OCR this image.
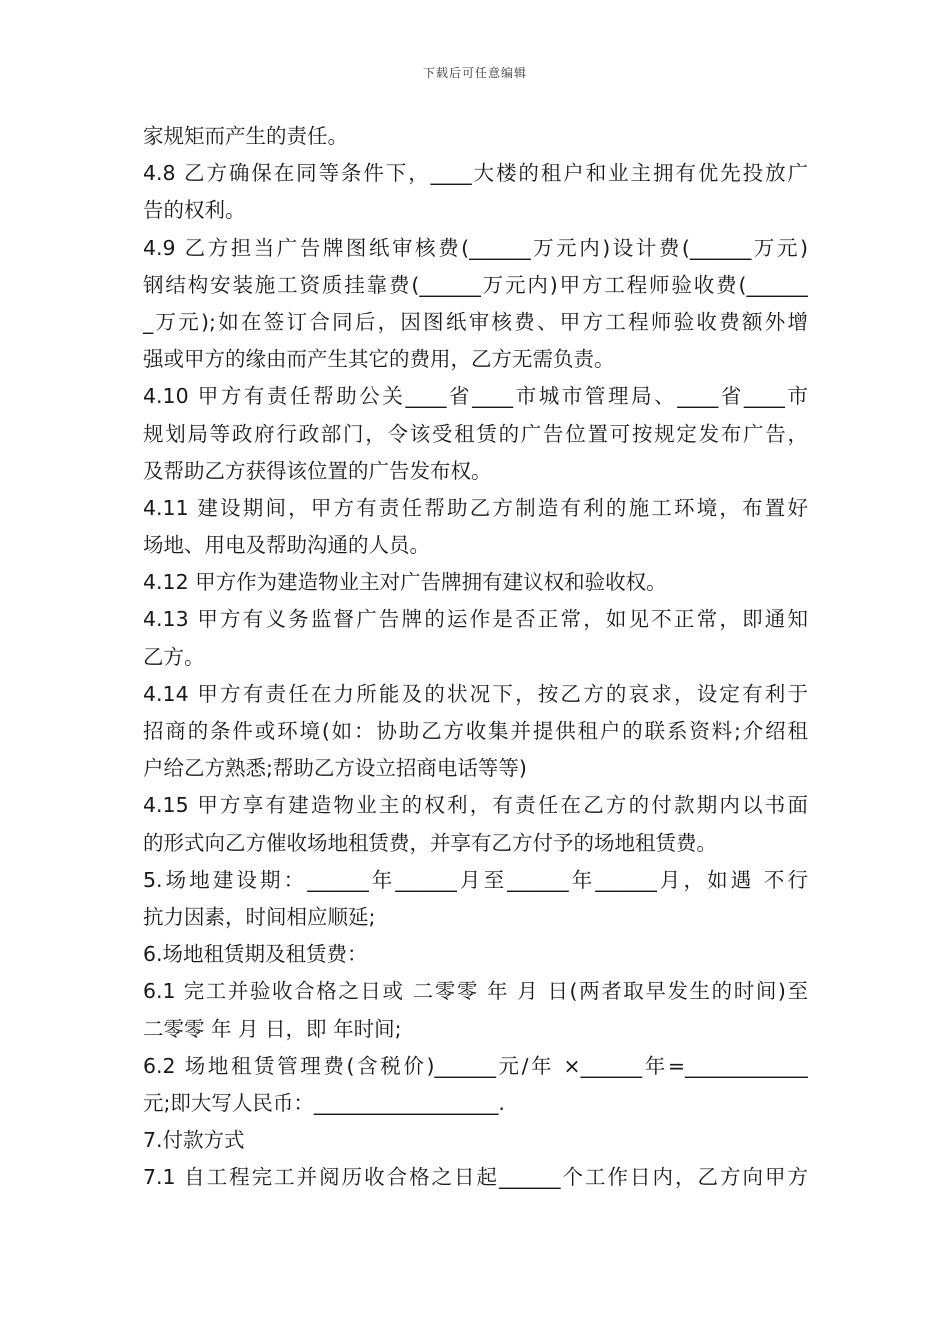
下载后可任意编辑
家规矩而产生的责任。
4.8 乙方确保在同等条件下，____大楼的租户和业主拥有优先投放广
告的权利。
4.9 乙方担当广告牌图纸审核费(______万元内)设计费(______万元)
钢结构安装施工资质挂靠费(______万元内)甲方工程师验收费(______
_万元);如在签订合同后，因图纸审核费、甲方工程师验收费额外增
强或甲方的缘由而产生其它的费用，乙方无需负责。
4.10 甲方有责任帮助公关____省____市城市管理局、____省____市
规划局等政府行政部门，令该受租赁的广告位置可按规定发布广告，
及帮助乙方获得该位置的广告发布权。
4.11 建设期间，甲方有责任帮助乙方制造有利的施工环境，布置好
场地、用电及帮助沟通的人员。
4.12 甲方作为建造物业主对广告牌拥有建议权和验收权。
4.13 甲方有义务监督广告牌的运作是否正常，如见不正常，即通知
乙方。
4.14 甲方有责任在力所能及的状况下，按乙方的哀求，设定有利于
招商的条件或环境(如：协助乙方收集并提供租户的联系资料;介绍租
户给乙方熟悉;帮助乙方设立招商电话等等)
4.15 甲方享有建造物业主的权利，有责任在乙方的付款期内以书面
的形式向乙方催收场地租赁费，并享有乙方付予的场地租赁费。
5.场地建设期：______年______月至______年______月，如遇 不行
抗力因素，时间相应顺延;
6.场地租赁期及租赁费：
6.1 完工并验收合格之日或 二零零 年 月 日(两者取早发生的时间)至
二零零 年 月 日，即 年时间;
6.2 场地租赁管理费(含税价)______元/年 ×______年=____________
元;即大写人民币：__________________.
7.付款方式
7.1 自工程完工并阅历收合格之日起______个工作日内，乙方向甲方
